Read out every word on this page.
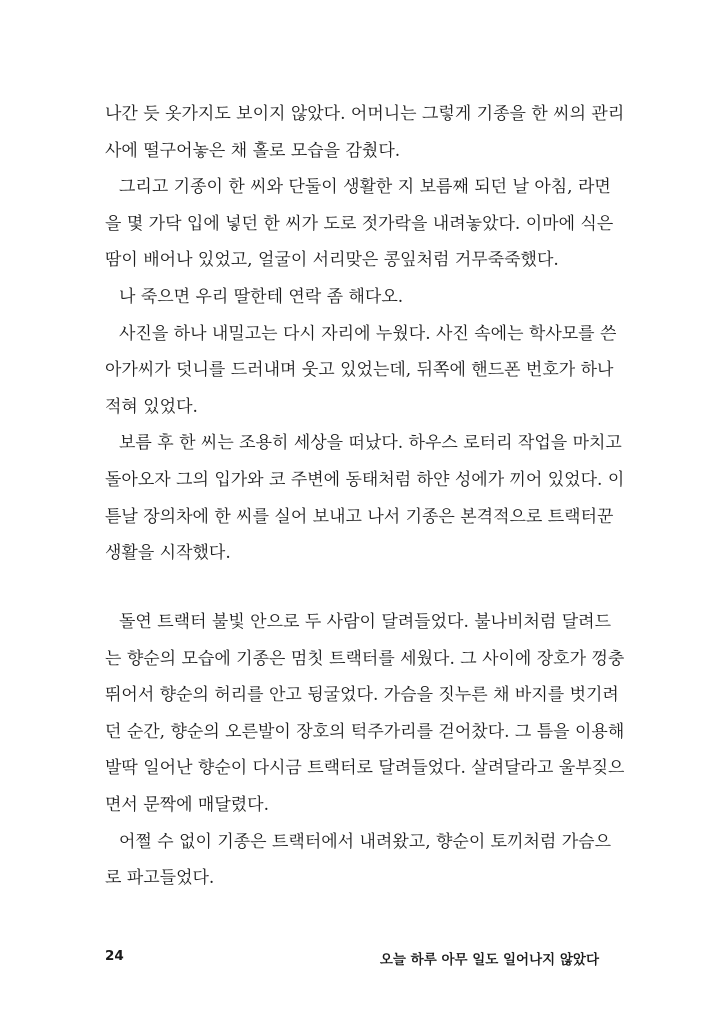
나간 듯 옷가지도 보이지 않았다. 어머니는 그렇게 기종을 한 씨의 관리
사에 떨구어놓은 채 홀로 모습을 감췄다.
그리고 기종이 한 씨와 단둘이 생활한 지 보름째 되던 날 아침, 라면
을 몇 가닥 입에 넣던 한 씨가 도로 젓가락을 내려놓았다. 이마에 식은
땀이 배어나 있었고, 얼굴이 서리맞은 콩잎처럼 거무죽죽했다.
나 죽으면 우리 딸한테 연락 좀 해다오.
사진을 하나 내밀고는 다시 자리에 누웠다. 사진 속에는 학사모를 쓴
아가씨가 덧니를 드러내며 웃고 있었는데, 뒤쪽에 핸드폰 번호가 하나
적혀 있었다.
보름 후 한 씨는 조용히 세상을 떠났다. 하우스 로터리 작업을 마치고
돌아오자 그의 입가와 코 주변에 동태처럼 하얀 성에가 끼어 있었다. 이
튿날 장의차에 한 씨를 실어 보내고 나서 기종은 본격적으로 트랙터꾼
생활을 시작했다.
돌연 트랙터 불빛 안으로 두 사람이 달려들었다. 불나비처럼 달려드
는 향순의 모습에 기종은 멈칫 트랙터를 세웠다. 그 사이에 장호가 껑충
뛰어서 향순의 허리를 안고 뒹굴었다. 가슴을 짓누른 채 바지를 벗기려
던 순간, 향순의 오른발이 장호의 턱주가리를 걷어찼다. 그 틈을 이용해
발딱 일어난 향순이 다시금 트랙터로 달려들었다. 살려달라고 울부짖으
면서 문짝에 매달렸다.
어쩔 수 없이 기종은 트랙터에서 내려왔고, 향순이 토끼처럼 가슴으
로 파고들었다.
24	오늘 하루 아무 일도 일어나지 않았다
